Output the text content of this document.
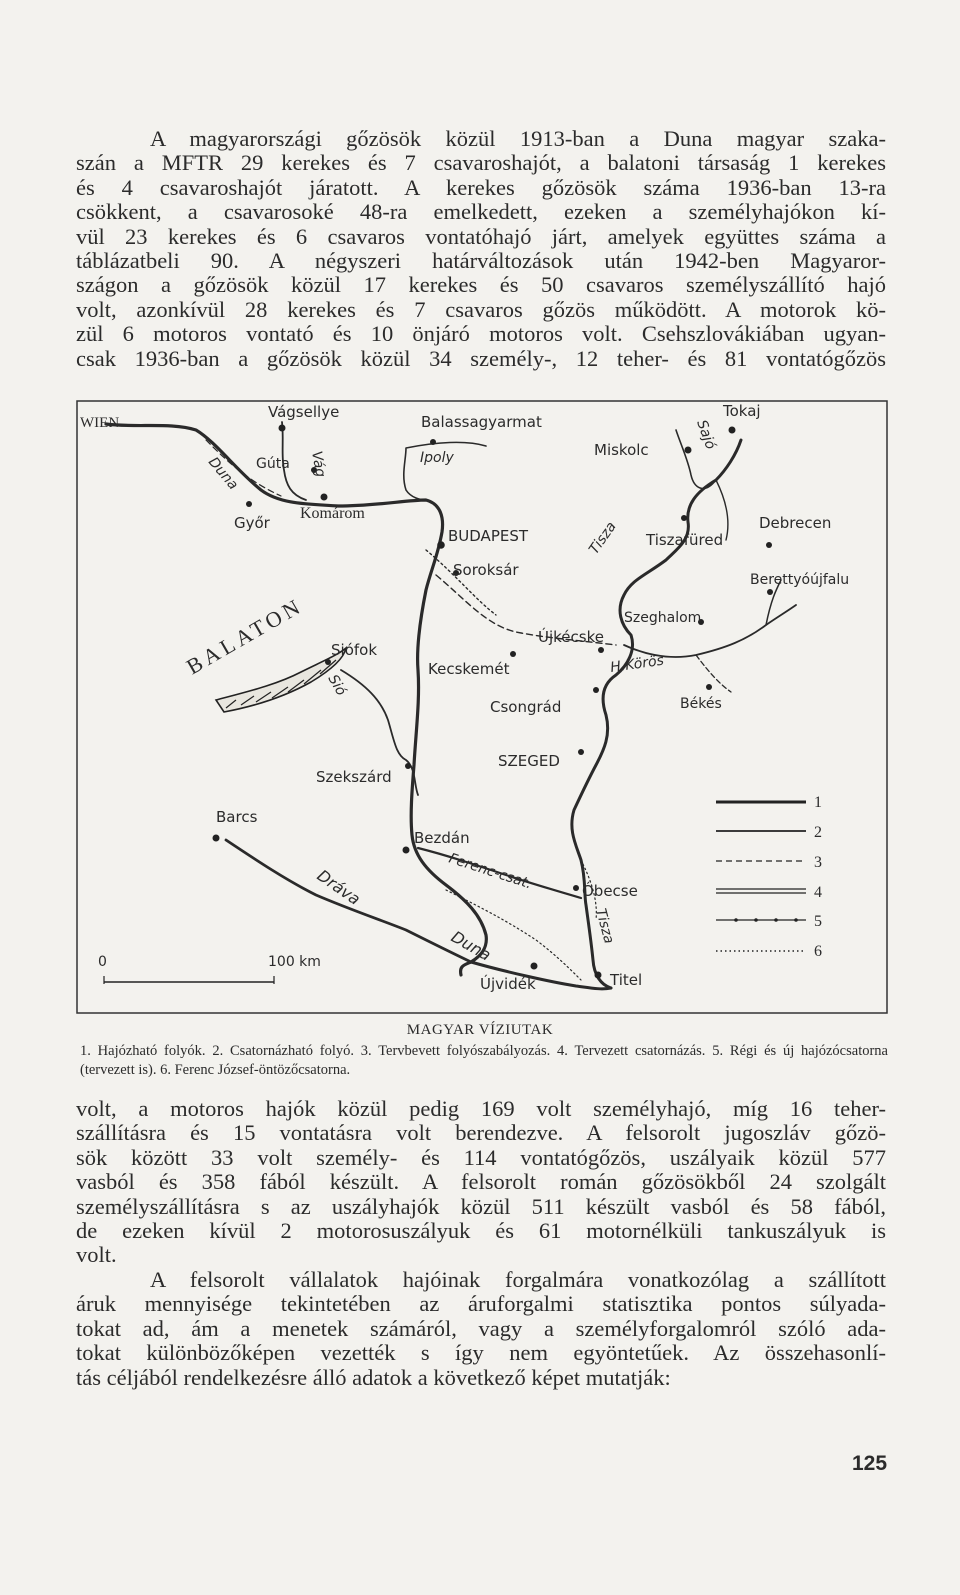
A magyarországi gőzösök közül 1913-ban a Duna magyar szaka-
szán a MFTR 29 kerekes és 7 csavaroshajót, a balatoni társaság 1 kerekes
és 4 csavaroshajót járatott. A kerekes gőzösök száma 1936-ban 13-ra
csökkent, a csavarosoké 48-ra emelkedett, ezeken a személyhajókon kí-
vül 23 kerekes és 6 csavaros vontatóhajó járt, amelyek együttes száma a
táblázatbeli 90. A négyszeri határváltozások után 1942-ben Magyaror-
szágon a gőzösök közül 17 kerekes és 50 csavaros személyszállító hajó
volt, azonkívül 28 kerekes és 7 csavaros gőzös működött. A motorok kö-
zül 6 motoros vontató és 10 önjáró motoros volt. Csehszlovákiában ugyan-
csak 1936-ban a gőzösök közül 34 személy-, 12 teher- és 81 vontatógőzös
WIEN
Vágsellye
Gúta
Győr
Komárom
Balassagyarmat
Miskolc
Tokaj
Debrecen
Tiszafüred
Berettyóújfalu
BUDAPEST
Soroksár
Szeghalom
Újkécske
Kecskemét
Siófok
Csongrád	Békés
SZEGED
Szekszárd
Barcs
Bezdán
Óbecse
Titel
Újvidék
Vág
Duna	Ipoly
Sajó
Tisza
BALATON
Sió
H.Körös
Dráva	Ferenc-csat.
Duna
Tisza
0	100 km
1
2
3
4
5
6
MAGYAR VÍZIUTAK
1. Hajózható folyók. 2. Csatornázható folyó. 3. Tervbevett folyószabályozás. 4. Tervezett csatornázás. 5. Régi és új hajózócsatorna (tervezett is). 6. Ferenc József-öntözőcsatorna.
volt, a motoros hajók közül pedig 169 volt személyhajó, míg 16 teher-
szállításra és 15 vontatásra volt berendezve. A felsorolt jugoszláv gőzö-
sök között 33 volt személy- és 114 vontatógőzös, uszályaik közül 577
vasból és 358 fából készült. A felsorolt román gőzösökből 24 szolgált
személyszállításra s az uszályhajók közül 511 készült vasból és 58 fából,
de ezeken kívül 2 motorosuszályuk és 61 motornélküli tankuszályuk is
volt.
A felsorolt vállalatok hajóinak forgalmára vonatkozólag a szállított
áruk mennyisége tekintetében az áruforgalmi statisztika pontos súlyada-
tokat ad, ám a menetek számáról, vagy a személyforgalomról szóló ada-
tokat különbözőképen vezették s így nem egyöntetűek. Az összehasonlí-
tás céljából rendelkezésre álló adatok a következő képet mutatják:
125
